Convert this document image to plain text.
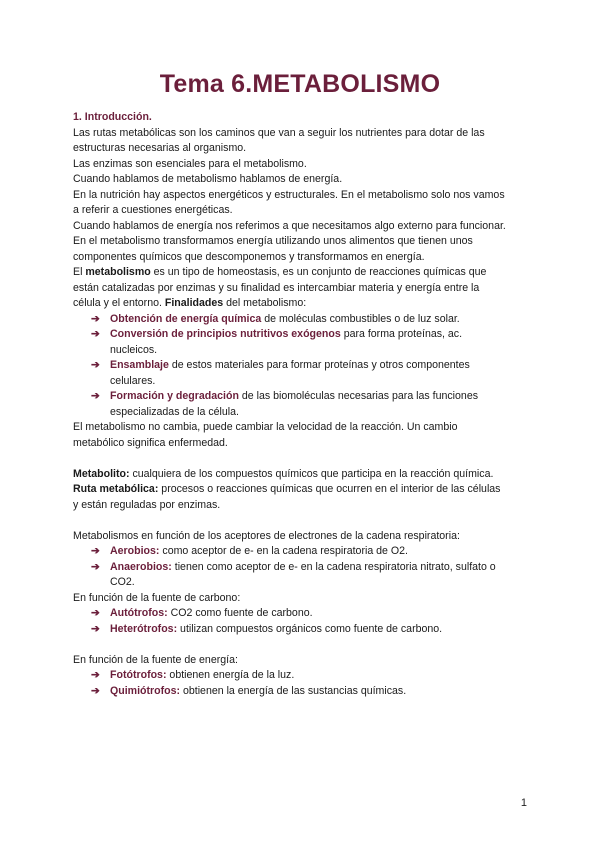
Tema 6.METABOLISMO

1. Introducción.

Las rutas metabólicas son los caminos que van a seguir los nutrientes para dotar de las

estructuras necesarias al organismo.

Las enzimas son esenciales para el metabolismo.

Cuando hablamos de metabolismo hablamos de energía.

En la nutrición hay aspectos energéticos y estructurales. En el metabolismo solo nos vamos

a referir a cuestiones energéticas.

Cuando hablamos de energía nos referimos a que necesitamos algo externo para funcionar.

En el metabolismo transformamos energía utilizando unos alimentos que tienen unos

componentes químicos que descomponemos y transformamos en energía.

El metabolismo es un tipo de homeostasis, es un conjunto de reacciones químicas que

están catalizadas por enzimas y su finalidad es intercambiar materia y energía entre la

célula y el entorno. Finalidades del metabolismo:

➔ Obtención de energía química de moléculas combustibles o de luz solar.
➔ Conversión de principios nutritivos exógenos para forma proteínas, ac.
nucleicos.
➔ Ensamblaje de estos materiales para formar proteínas y otros componentes
celulares.
➔ Formación y degradación de las biomoléculas necesarias para las funciones
especializadas de la célula.

El metabolismo no cambia, puede cambiar la velocidad de la reacción. Un cambio

metabólico significa enfermedad.

Metabolito: cualquiera de los compuestos químicos que participa en la reacción química.

Ruta metabólica: procesos o reacciones químicas que ocurren en el interior de las células

y están reguladas por enzimas.

Metabolismos en función de los aceptores de electrones de la cadena respiratoria:

➔ Aerobios: como aceptor de e- en la cadena respiratoria de O2.
➔ Anaerobios: tienen como aceptor de e- en la cadena respiratoria nitrato, sulfato o
CO2.

En función de la fuente de carbono:

➔ Autótrofos: CO2 como fuente de carbono.
➔ Heterótrofos: utilizan compuestos orgánicos como fuente de carbono.

En función de la fuente de energía:

➔ Fotótrofos: obtienen energía de la luz.
➔ Quimiótrofos: obtienen la energía de las sustancias químicas.
1
